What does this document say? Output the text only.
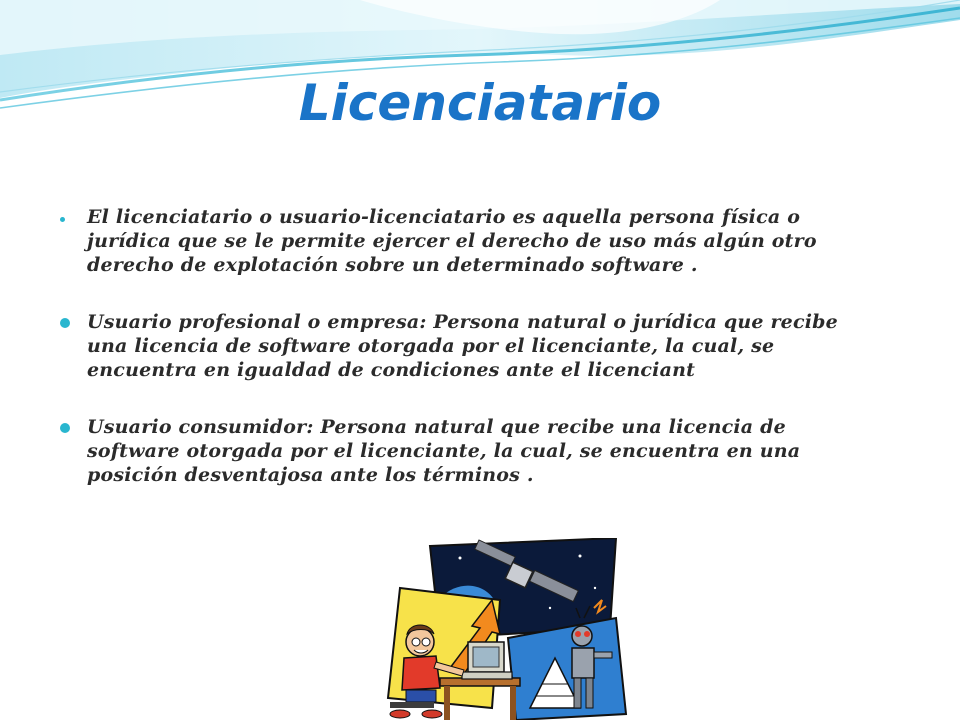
Licenciatario
El licenciatario o usuario-licenciatario es aquella persona física o jurídica que se le permite ejercer el derecho de uso más algún otro derecho de explotación sobre un determinado software .
Usuario profesional o empresa: Persona natural o jurídica que recibe una licencia de software otorgada por el licenciante, la cual, se encuentra en igualdad de condiciones ante el licenciant
Usuario consumidor: Persona natural que recibe una licencia de software otorgada por el licenciante, la cual, se encuentra en una posición desventajosa ante los términos .
